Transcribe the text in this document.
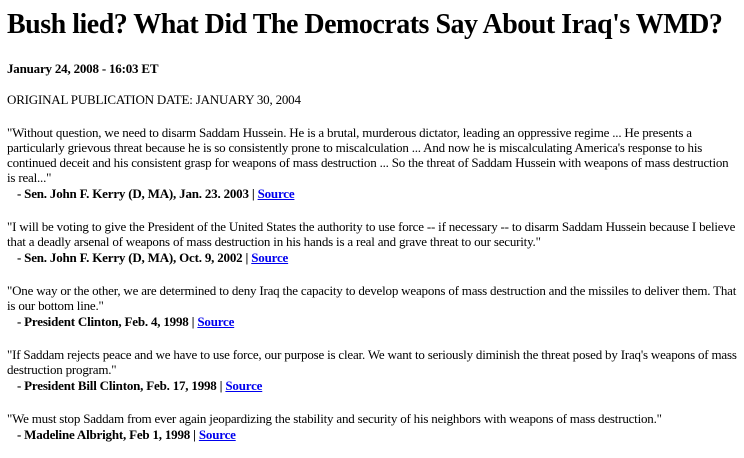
Bush lied? What Did The Democrats Say About Iraq's WMD?
January 24, 2008 - 16:03 ET
ORIGINAL PUBLICATION DATE: JANUARY 30, 2004
"Without question, we need to disarm Saddam Hussein. He is a brutal, murderous dictator, leading an oppressive regime ... He presents a particularly grievous threat because he is so consistently prone to miscalculation ... And now he is miscalculating America's response to his continued deceit and his consistent grasp for weapons of mass destruction ... So the threat of Saddam Hussein with weapons of mass destruction is real..."
- Sen. John F. Kerry (D, MA), Jan. 23. 2003 | Source
"I will be voting to give the President of the United States the authority to use force -- if necessary -- to disarm Saddam Hussein because I believe that a deadly arsenal of weapons of mass destruction in his hands is a real and grave threat to our security."
- Sen. John F. Kerry (D, MA), Oct. 9, 2002 | Source
"One way or the other, we are determined to deny Iraq the capacity to develop weapons of mass destruction and the missiles to deliver them. That is our bottom line."
- President Clinton, Feb. 4, 1998 | Source
"If Saddam rejects peace and we have to use force, our purpose is clear. We want to seriously diminish the threat posed by Iraq's weapons of mass destruction program."
- President Bill Clinton, Feb. 17, 1998 | Source
"We must stop Saddam from ever again jeopardizing the stability and security of his neighbors with weapons of mass destruction."
- Madeline Albright, Feb 1, 1998 | Source
